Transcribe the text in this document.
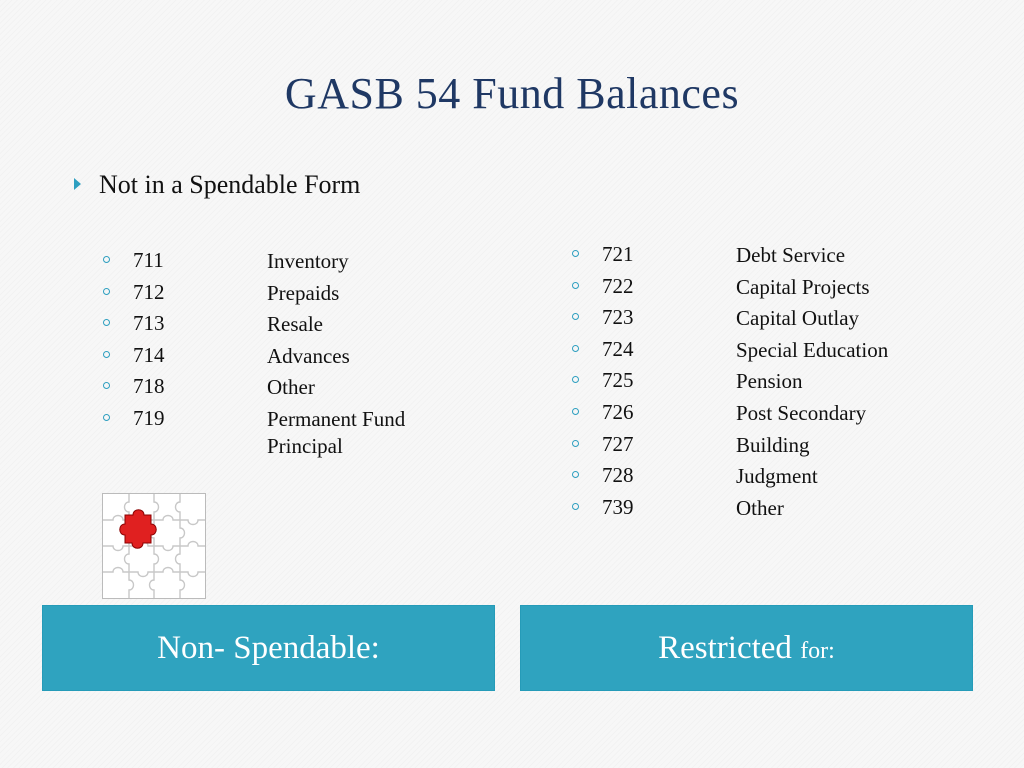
GASB 54 Fund Balances
Not in a Spendable Form
711	Inventory
712	Prepaids
713	Resale
714	Advances
718	Other
719	Permanent Fund
Principal
721	Debt Service
722	Capital Projects
723	Capital Outlay
724	Special Education
725	Pension
726	Post Secondary
727	Building
728	Judgment
739	Other
Non- Spendable:	Restricted for:
